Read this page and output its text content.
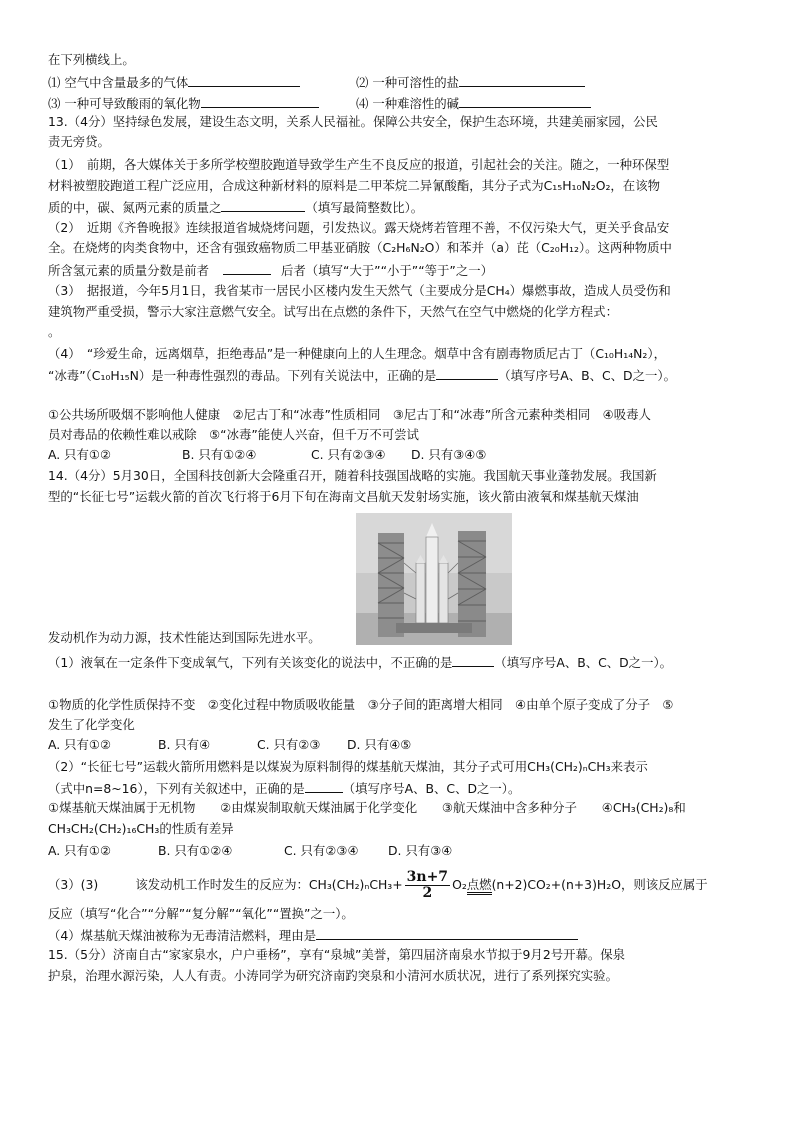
在下列横线上。
⑴ 空气中含量最多的气体	⑵ 一种可溶性的盐
⑶ 一种可导致酸雨的氧化物	⑷ 一种难溶性的碱
13.（4分）坚持绿色发展，建设生态文明，关系人民福祉。保障公共安全，保护生态环境，共建美丽家园，公民
责无旁贷。
（1）　前期，各大媒体关于多所学校塑胶跑道导致学生产生不良反应的报道，引起社会的关注。随之，一种环保型
材料被塑胶跑道工程广泛应用，合成这种新材料的原料是二甲苯烷二异氰酸酯，其分子式为C₁₅H₁₀N₂O₂，在该物
质的中，碳、氮两元素的质量之	（填写最简整数比）。
（2）　近期《齐鲁晚报》连续报道省城烧烤问题，引发热议。露天烧烤若管理不善，不仅污染大气，更关乎食品安
全。在烧烤的肉类食物中，还含有强致癌物质二甲基亚硝胺（C₂H₆N₂O）和苯并（a）芘（C₂₀H₁₂）。这两种物质中
所含氢元素的质量分数是前者	后者（填写“大于”“小于”“等于”之一）
（3）　据报道，今年5月1日，我省某市一居民小区楼内发生天然气（主要成分是CH₄）爆燃事故，造成人员受伤和
建筑物严重受损，警示大家注意燃气安全。试写出在点燃的条件下，天然气在空气中燃烧的化学方程式：
。
（4）　“珍爱生命，远离烟草，拒绝毒品”是一种健康向上的人生理念。烟草中含有剧毒物质尼古丁（C₁₀H₁₄N₂），
“冰毒”（C₁₀H₁₅N）是一种毒性强烈的毒品。下列有关说法中，正确的是	（填写序号A、B、C、D之一）。
①公共场所吸烟不影响他人健康　②尼古丁和“冰毒”性质相同　③尼古丁和“冰毒”所含元素种类相同　④吸毒人
员对毒品的依赖性难以戒除　⑤“冰毒”能使人兴奋，但千万不可尝试
A. 只有①②	B. 只有①②④	C. 只有②③④ D. 只有③④⑤
14.（4分）5月30日，全国科技创新大会隆重召开，随着科技强国战略的实施。我国航天事业蓬勃发展。我国新
型的“长征七号”运载火箭的首次飞行将于6月下旬在海南文昌航天发射场实施，该火箭由液氧和煤基航天煤油
发动机作为动力源，技术性能达到国际先进水平。
（1）液氧在一定条件下变成氧气，下列有关该变化的说法中，不正确的是	（填写序号A、B、C、D之一）。
①物质的化学性质保持不变　②变化过程中物质吸收能量　③分子间的距离增大相同　④由单个原子变成了分子　⑤
发生了化学变化
A. 只有①②	B. 只有④	C. 只有②③ D. 只有④⑤
（2）“长征七号”运载火箭所用燃料是以煤炭为原料制得的煤基航天煤油，其分子式可用CH₃(CH₂)ₙCH₃来表示
（式中n=8~16），下列有关叙述中，正确的是	（填写序号A、B、C、D之一）。
①煤基航天煤油属于无机物　　②由煤炭制取航天煤油属于化学变化　　③航天煤油中含多种分子　　④CH₃(CH₂)₈和
CH₃CH₂(CH₂)₁₆CH₃的性质有差异
A. 只有①②	B. 只有①②④	C. 只有②③④ D. 只有③④
（3）(3)　　　该发动机工作时发生的反应为：$CH_3(CH_2)_nCH_3+ \frac{3n+7}{2} O_2$点燃(n+2)CO₂+(n+3)H₂O，则该反应属于
反应（填写“化合”“分解”“复分解”“氧化”“置换”之一）。
（4）煤基航天煤油被称为无毒清洁燃料，理由是
15.（5分）济南自古“家家泉水，户户垂杨”，享有“泉城”美誉，第四届济南泉水节拟于9月2号开幕。保泉
护泉，治理水源污染，人人有责。小涛同学为研究济南趵突泉和小清河水质状况，进行了系列探究实验。
